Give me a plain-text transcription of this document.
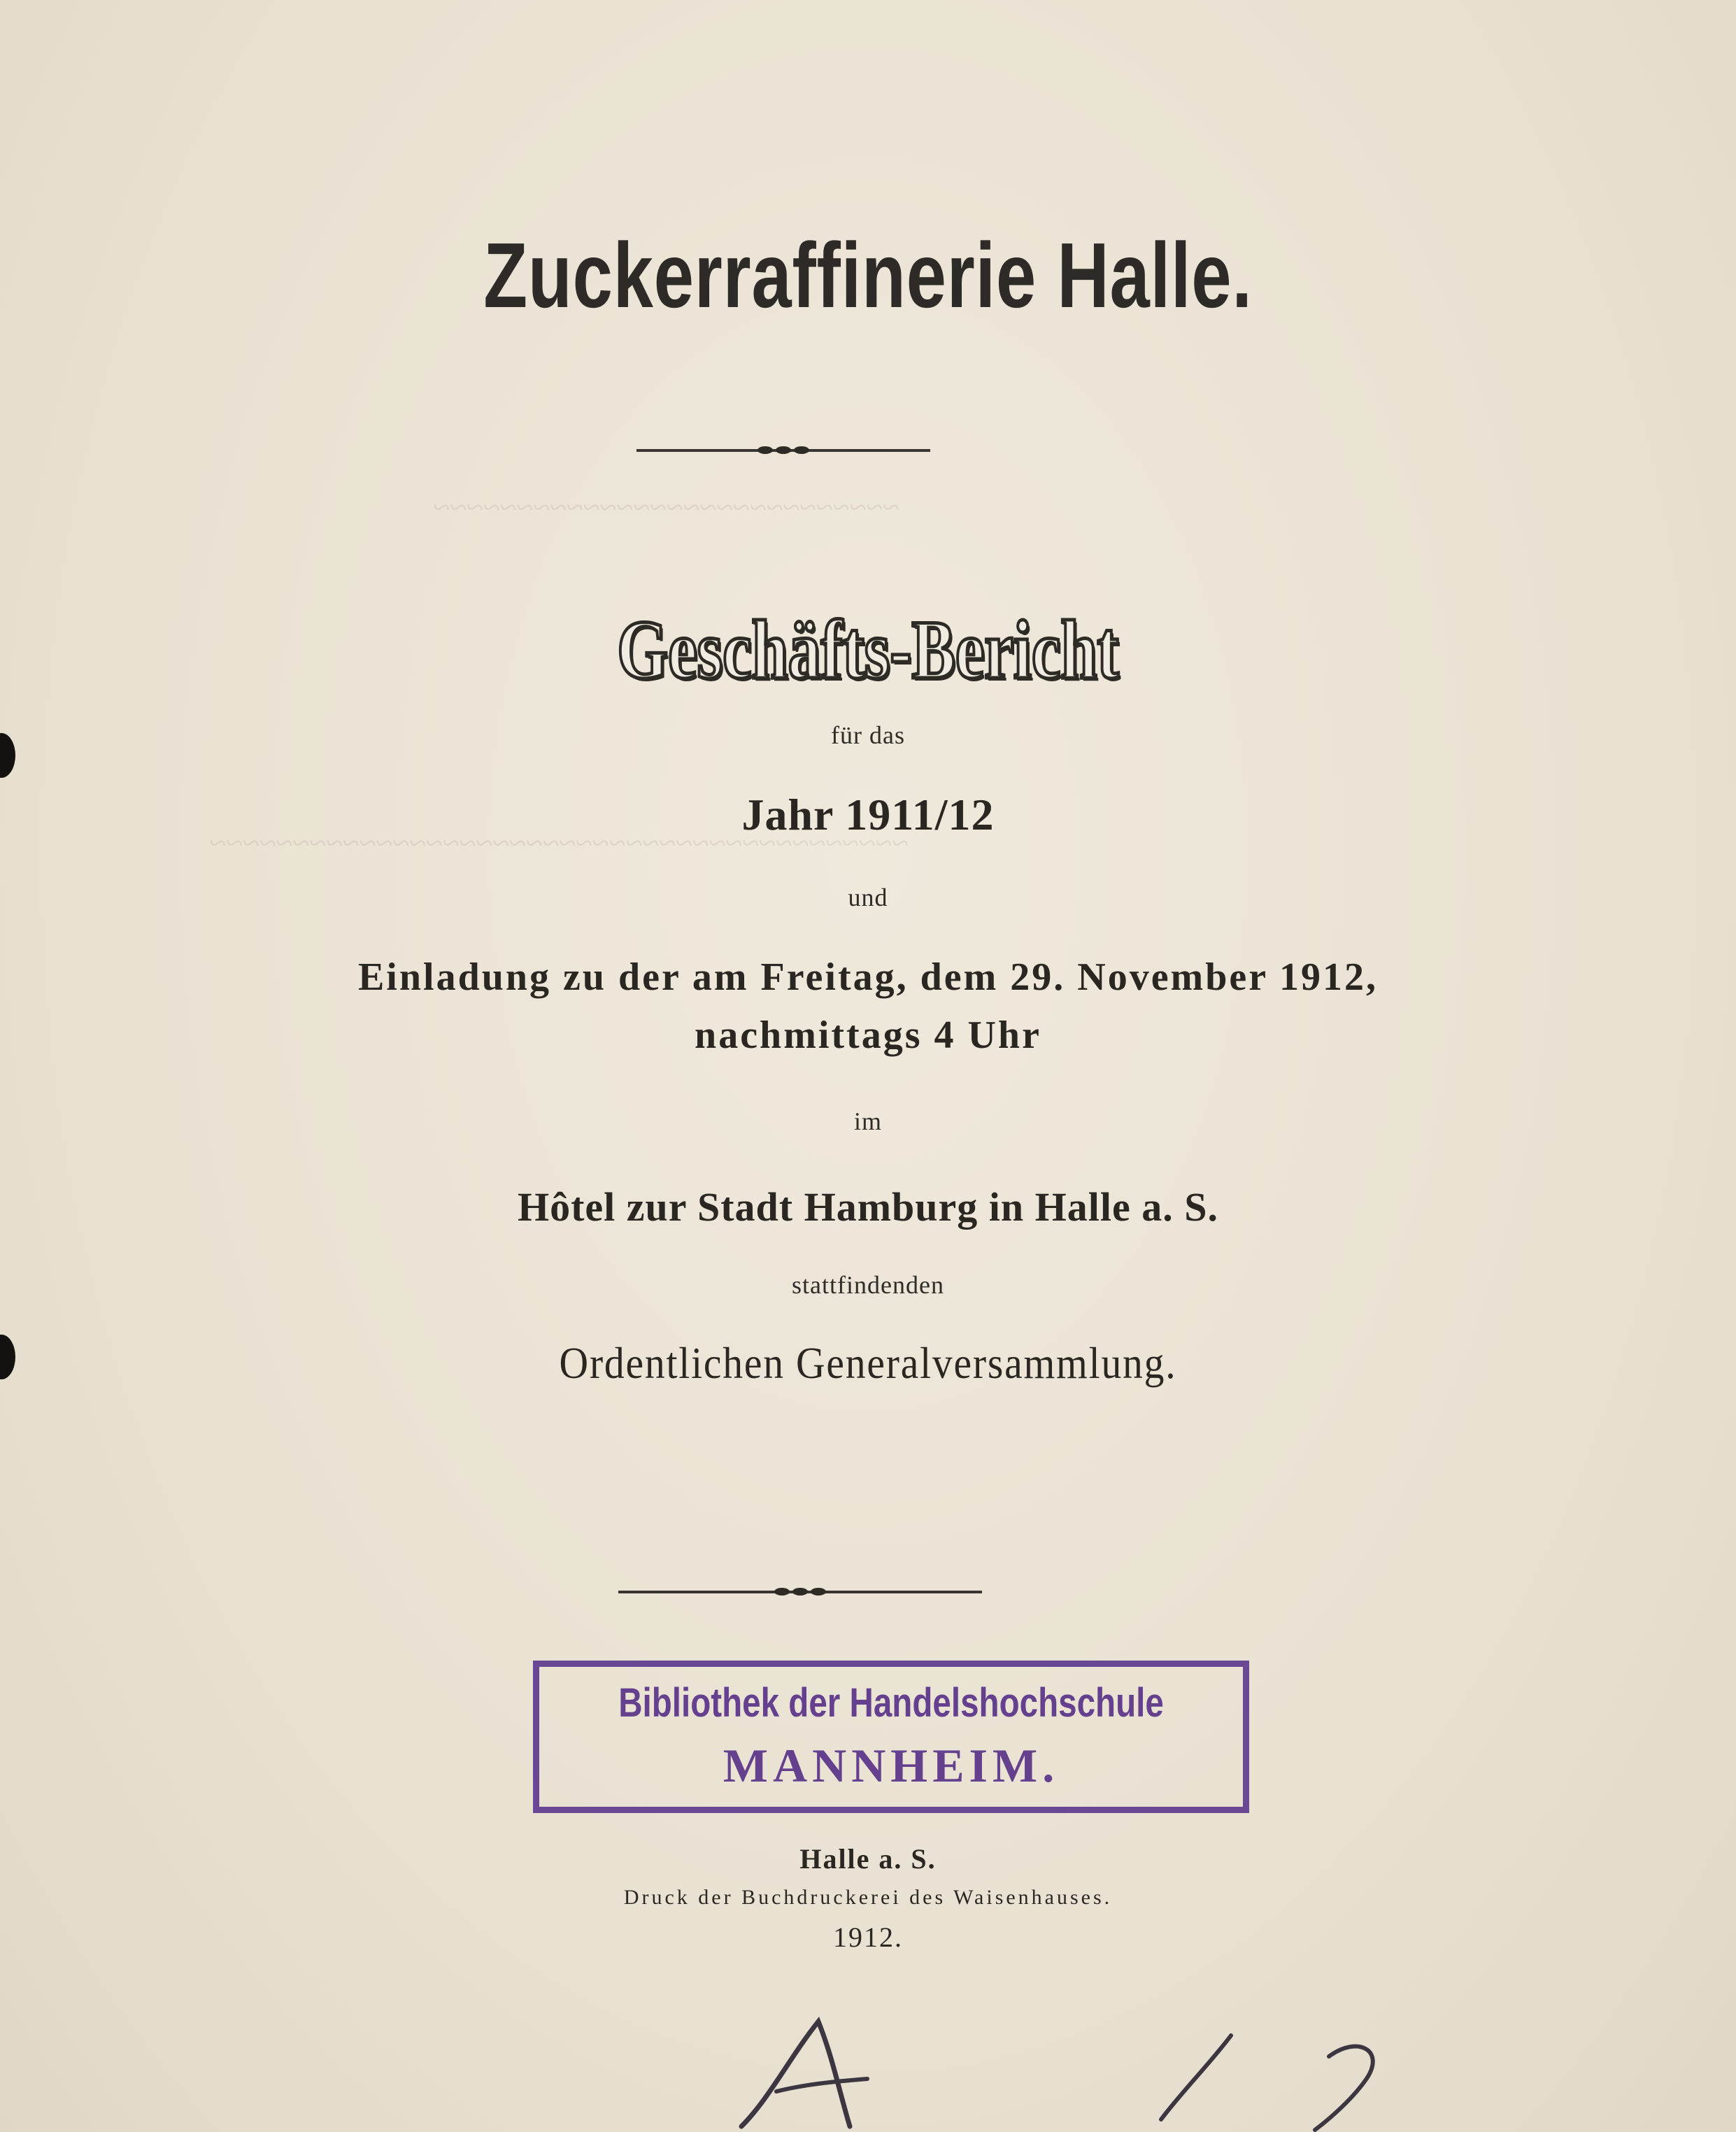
~~~~~~~~~~~~~~~~~~~~~~~~~~~~
~~~~~~~~~~~~~~~~~~~~~~~~~~~~~~~~~~~~~~~~~~
Zuckerraffinerie Halle.
Geschäfts-Bericht
für das
Jahr 1911/12
und
Einladung zu der am Freitag, dem 29. November 1912,
nachmittags 4 Uhr
im
Hôtel zur Stadt Hamburg in Halle a. S.
stattfindenden
Ordentlichen Generalversammlung.
Bibliothek der Handelshochschule
MANNHEIM.
Halle a. S.
Druck der Buchdruckerei des Waisenhauses.
1912.
